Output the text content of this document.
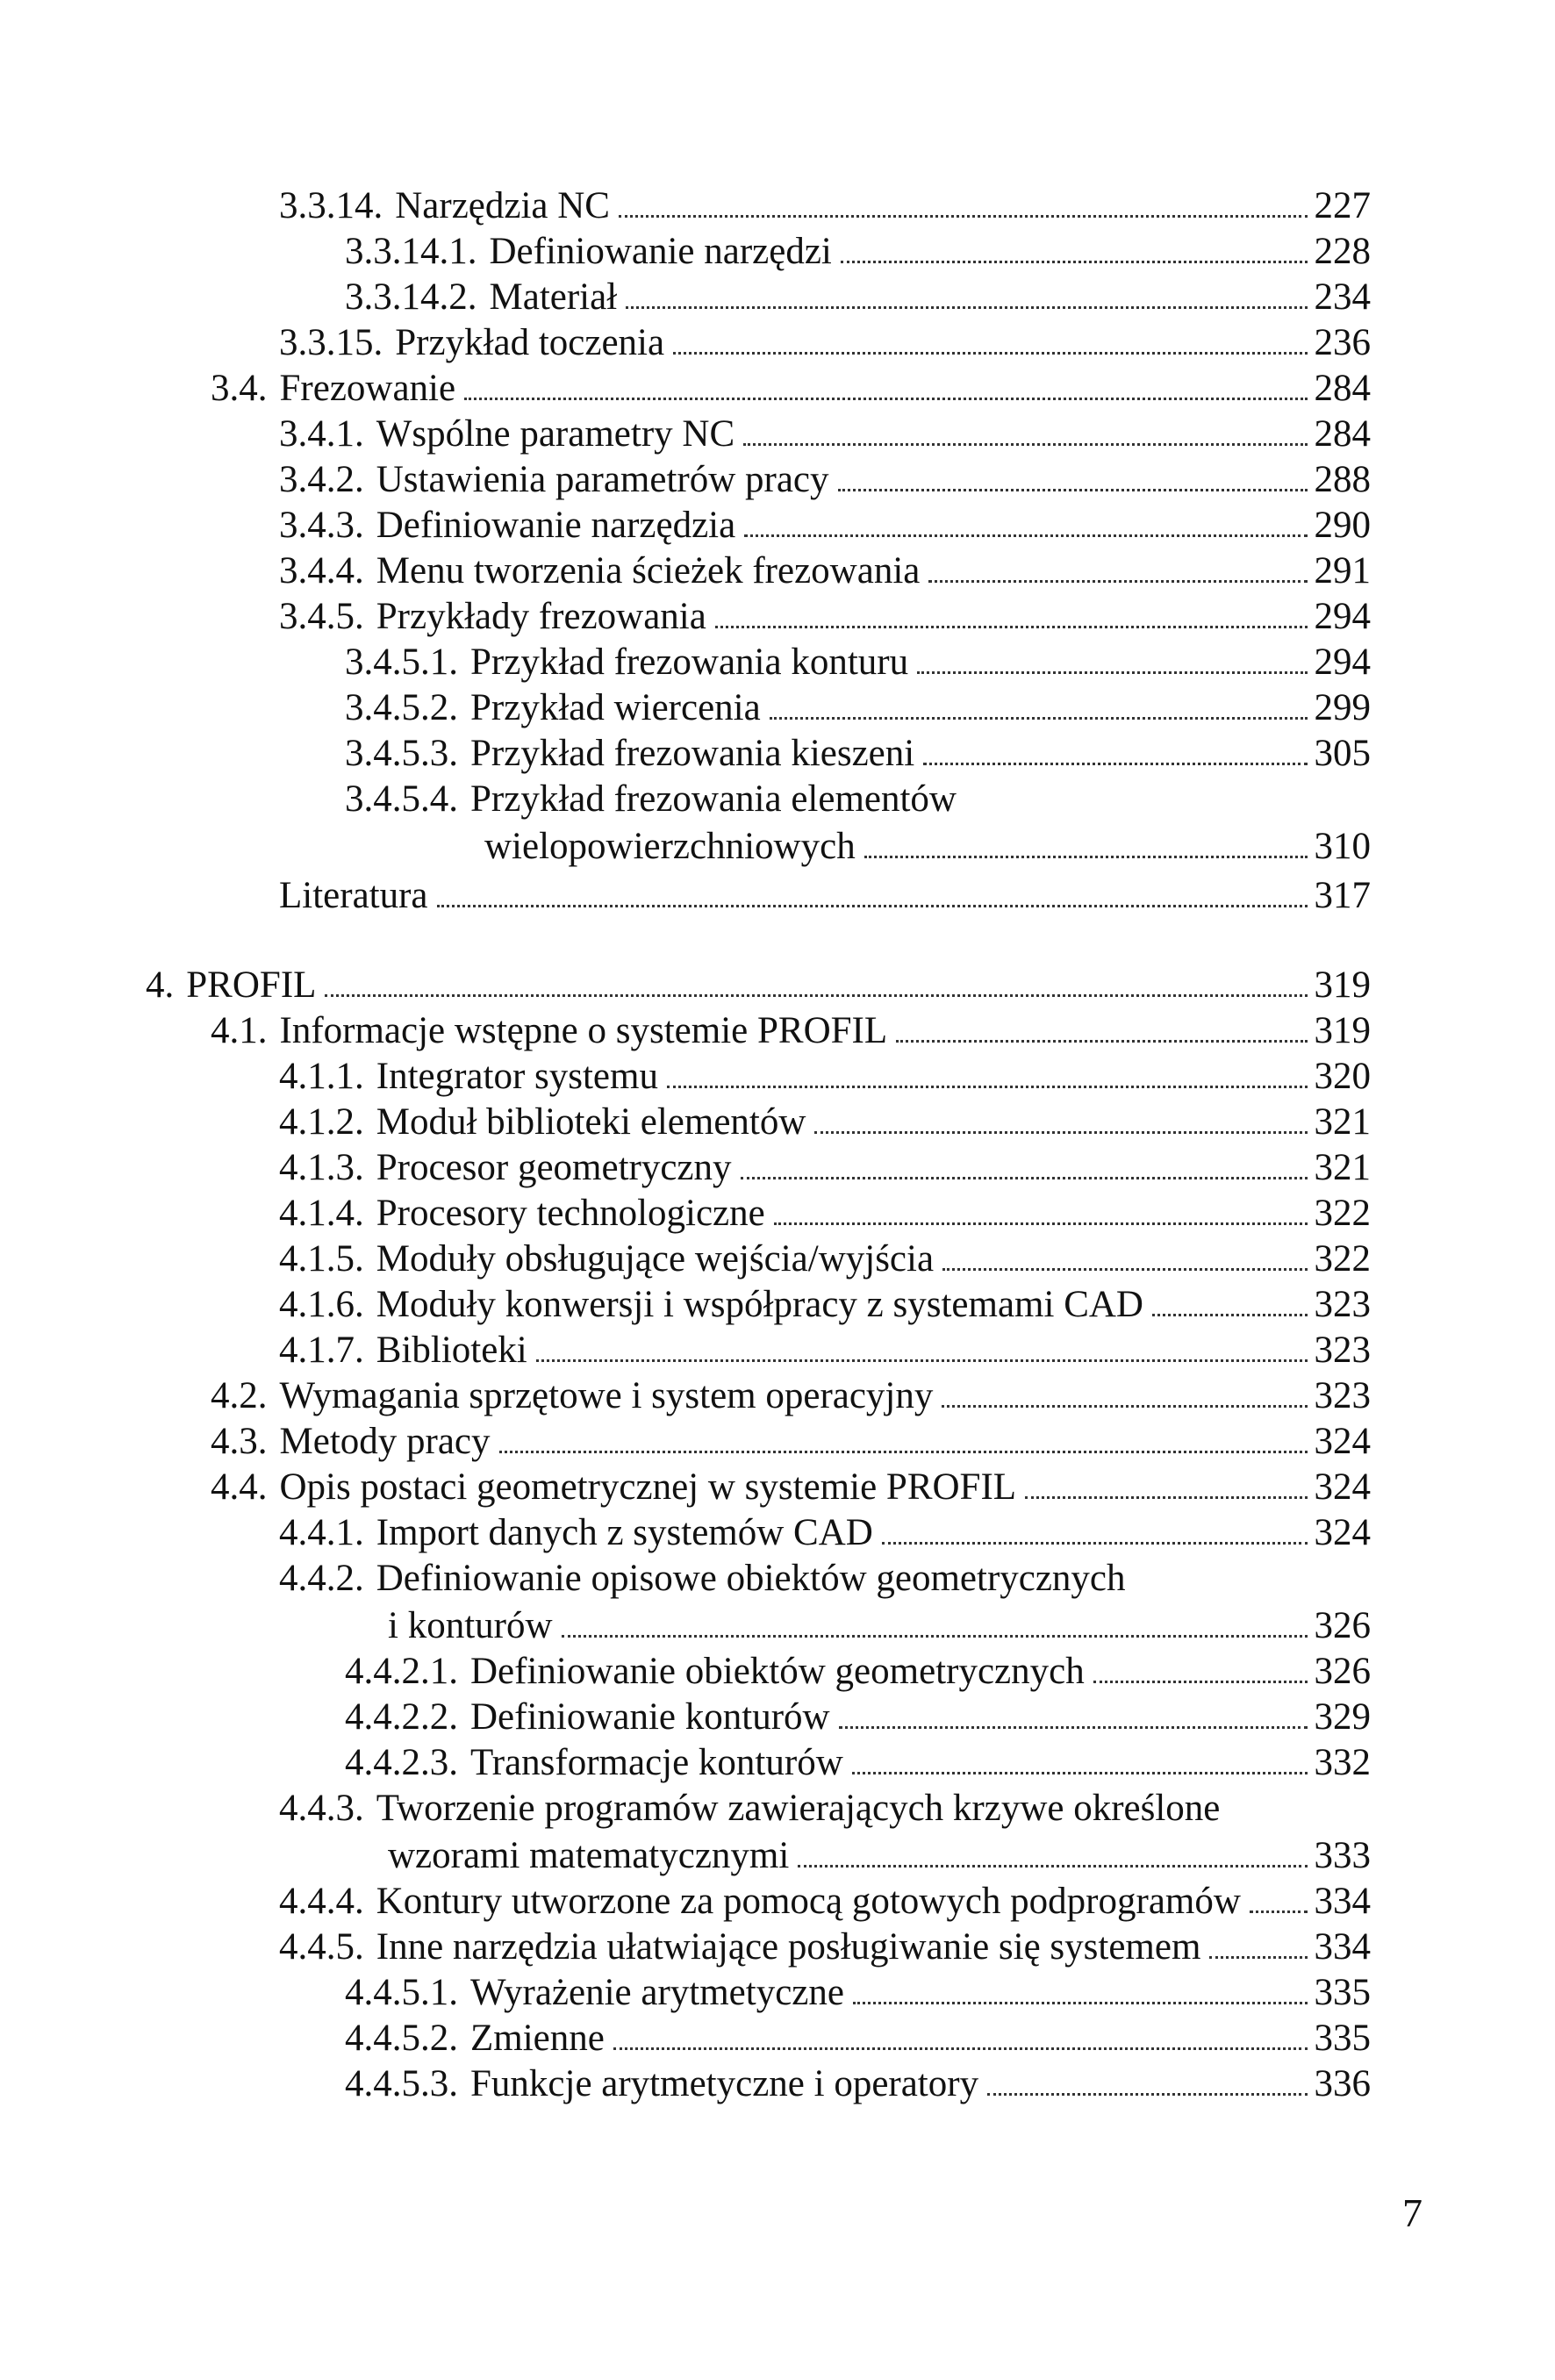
3.3.14. Narzędzia NC	227
3.3.14.1. Definiowanie narzędzi	228
3.3.14.2. Materiał	234
3.3.15. Przykład toczenia	236
3.4. Frezowanie	284
3.4.1. Wspólne parametry NC	284
3.4.2. Ustawienia parametrów pracy	288
3.4.3. Definiowanie narzędzia	290
3.4.4. Menu tworzenia ścieżek frezowania	291
3.4.5. Przykłady frezowania	294
3.4.5.1. Przykład frezowania konturu	294
3.4.5.2. Przykład wiercenia	299
3.4.5.3. Przykład frezowania kieszeni	305
3.4.5.4. Przykład frezowania elementów
wielopowierzchniowych	310
Literatura	317
4. PROFIL	319
4.1. Informacje wstępne o systemie PROFIL	319
4.1.1. Integrator systemu	320
4.1.2. Moduł biblioteki elementów	321
4.1.3. Procesor geometryczny	321
4.1.4. Procesory technologiczne	322
4.1.5. Moduły obsługujące wejścia/wyjścia	322
4.1.6. Moduły konwersji i współpracy z systemami CAD	323
4.1.7. Biblioteki	323
4.2. Wymagania sprzętowe i system operacyjny	323
4.3. Metody pracy	324
4.4. Opis postaci geometrycznej w systemie PROFIL	324
4.4.1. Import danych z systemów CAD	324
4.4.2. Definiowanie opisowe obiektów geometrycznych
i konturów	326
4.4.2.1. Definiowanie obiektów geometrycznych	326
4.4.2.2. Definiowanie konturów	329
4.4.2.3. Transformacje konturów	332
4.4.3. Tworzenie programów zawierających krzywe określone
wzorami matematycznymi	333
4.4.4. Kontury utworzone za pomocą gotowych podprogramów 334
4.4.5. Inne narzędzia ułatwiające posługiwanie się systemem	334
4.4.5.1. Wyrażenie arytmetyczne	335
4.4.5.2. Zmienne	335
4.4.5.3. Funkcje arytmetyczne i operatory	336
7
